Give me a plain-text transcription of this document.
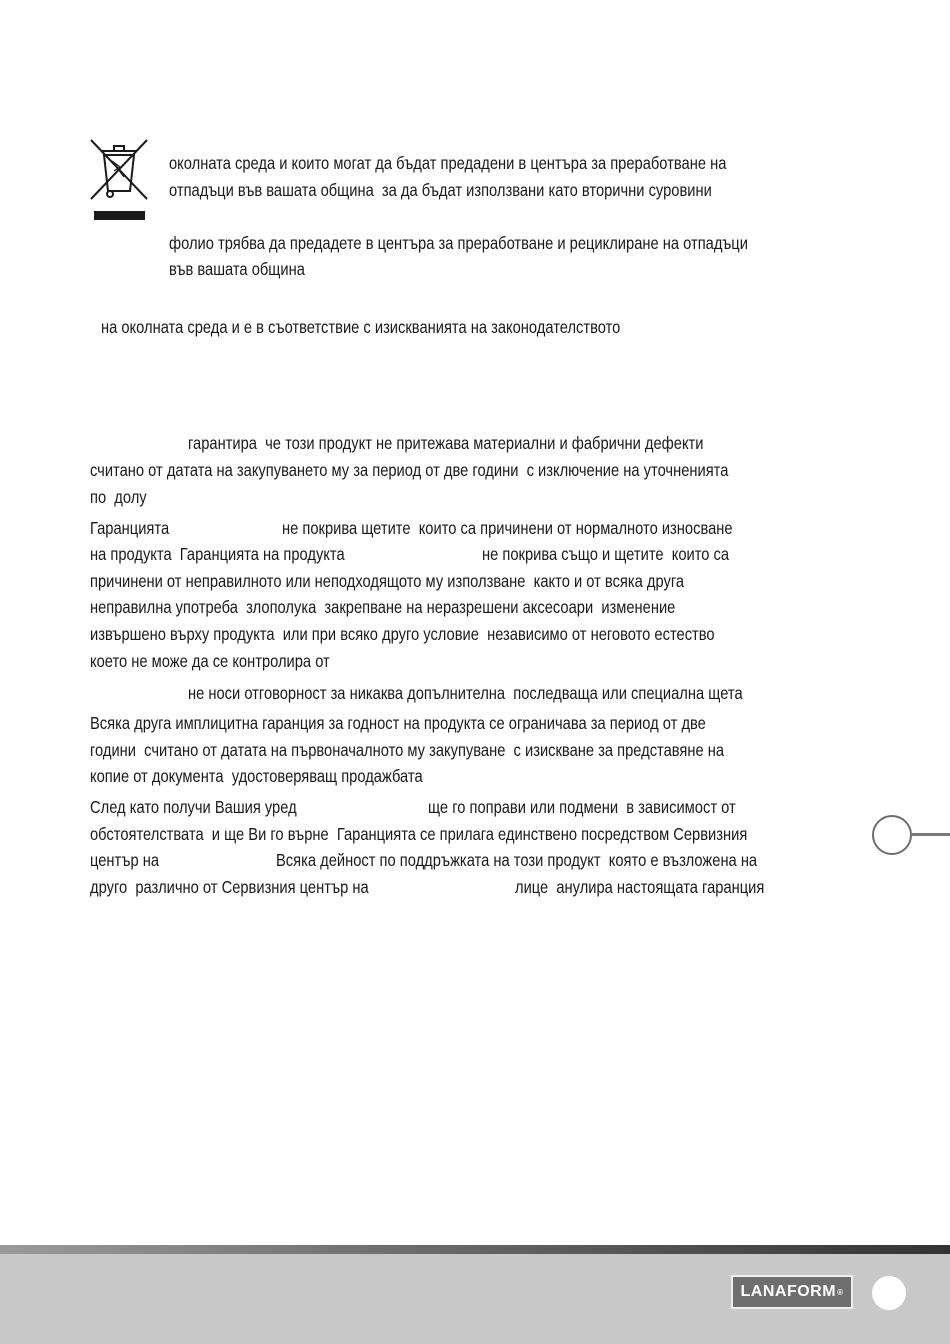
околната среда и които могат да бъдат предадени в центъра за преработване на
отпадъци във вашата община  за да бъдат използвани като вторични суровини
фолио трябва да предадете в центъра за преработване и рециклиране на отпадъци
във вашата община
на околната среда и е в съответствие с изискванията на законодателството
гарантира  че този продукт не притежава материални и фабрични дефекти
считано от датата на закупуването му за период от две години  с изключение на уточненията
по  долу
Гаранцията	не покрива щетите  които са причинени от нормалното износване
на продукта  Гаранцията на продукта	не покрива също и щетите  които са
причинени от неправилното или неподходящото му използване  както и от всяка друга
неправилна употреба  злополука  закрепване на неразрешени аксесоари  изменение
извършено върху продукта  или при всяко друго условие  независимо от неговото естество
което не може да се контролира от
не носи отговорност за никаква допълнителна  последваща или специална щета
Всяка друга имплицитна гаранция за годност на продукта се ограничава за период от две
години  считано от датата на първоначалното му закупуване  с изискване за представяне на
копие от документа  удостоверяващ продажбата
След като получи Вашия уред	ще го поправи или подмени  в зависимост от
обстоятелствата  и ще Ви го върне  Гаранцията се прилага единствено посредством Сервизния
център на	Всяка дейност по поддръжката на този продукт  която е възложена на
друго  различно от Сервизния център на	лице  анулира настоящата гаранция
LANAFORM ®
